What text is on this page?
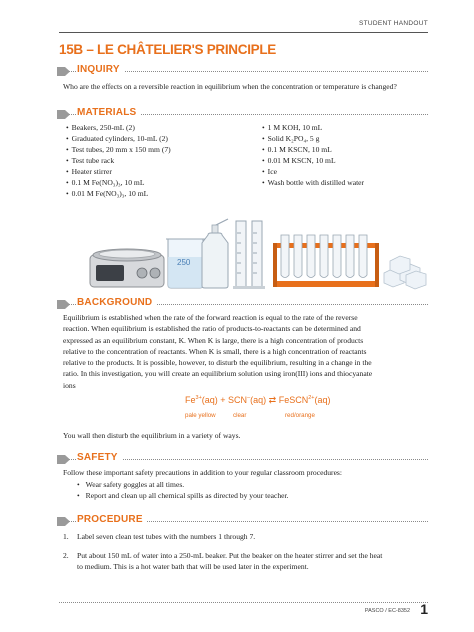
STUDENT HANDOUT
15B – LE CHÂTELIER'S PRINCIPLE
INQUIRY
Who are the effects on a reversible reaction in equilibrium when the concentration or temperature is changed?
MATERIALS
• Beakers, 250-mL (2)
• Graduated cylinders, 10-mL (2)
• Test tubes, 20 mm x 150 mm (7)
• Test tube rack
• Heater stirrer
• 0.1 M Fe(NO₃)₃, 10 mL
• 0.01 M Fe(NO₃)₃, 10 mL
• 1 M KOH, 10 mL
• Solid K₂PO₄, 5 g
• 0.1 M KSCN, 10 mL
• 0.01 M KSCN, 10 mL
• Ice
• Wash bottle with distilled water
250
BACKGROUND
Equilibrium is established when the rate of the forward reaction is equal to the rate of the reverse
reaction. When equilibrium is established the ratio of products-to-reactants can be determined and
expressed as an equilibrium constant, K. When K is large, there is a high concentration of products
relative to the concentration of reactants. When K is small, there is a high concentration of reactants
relative to the products. It is possible, however, to disturb the equilibrium, resulting in a change in the
ratio. In this investigation, you will create an equilibrium solution using iron(III) ions and thiocyanate
ions
$Fe^{3+}(aq) + SCN^-(aq)$ ⇄ FeSCN$^{2+}$(aq)
pale yellow	clear	red/orange
You wall then disturb the equilibrium in a variety of ways.
SAFETY
Follow these important safety precautions in addition to your regular classroom procedures:
• Wear safety goggles at all times.
• Report and clean up all chemical spills as directed by your teacher.
PROCEDURE
1. Label seven clean test tubes with the numbers 1 through 7.
2. Put about 150 mL of water into a 250-mL beaker. Put the beaker on the heater stirrer and set the heat
to medium. This is a hot water bath that will be used later in the experiment.
PASCO / EC-8352 1
